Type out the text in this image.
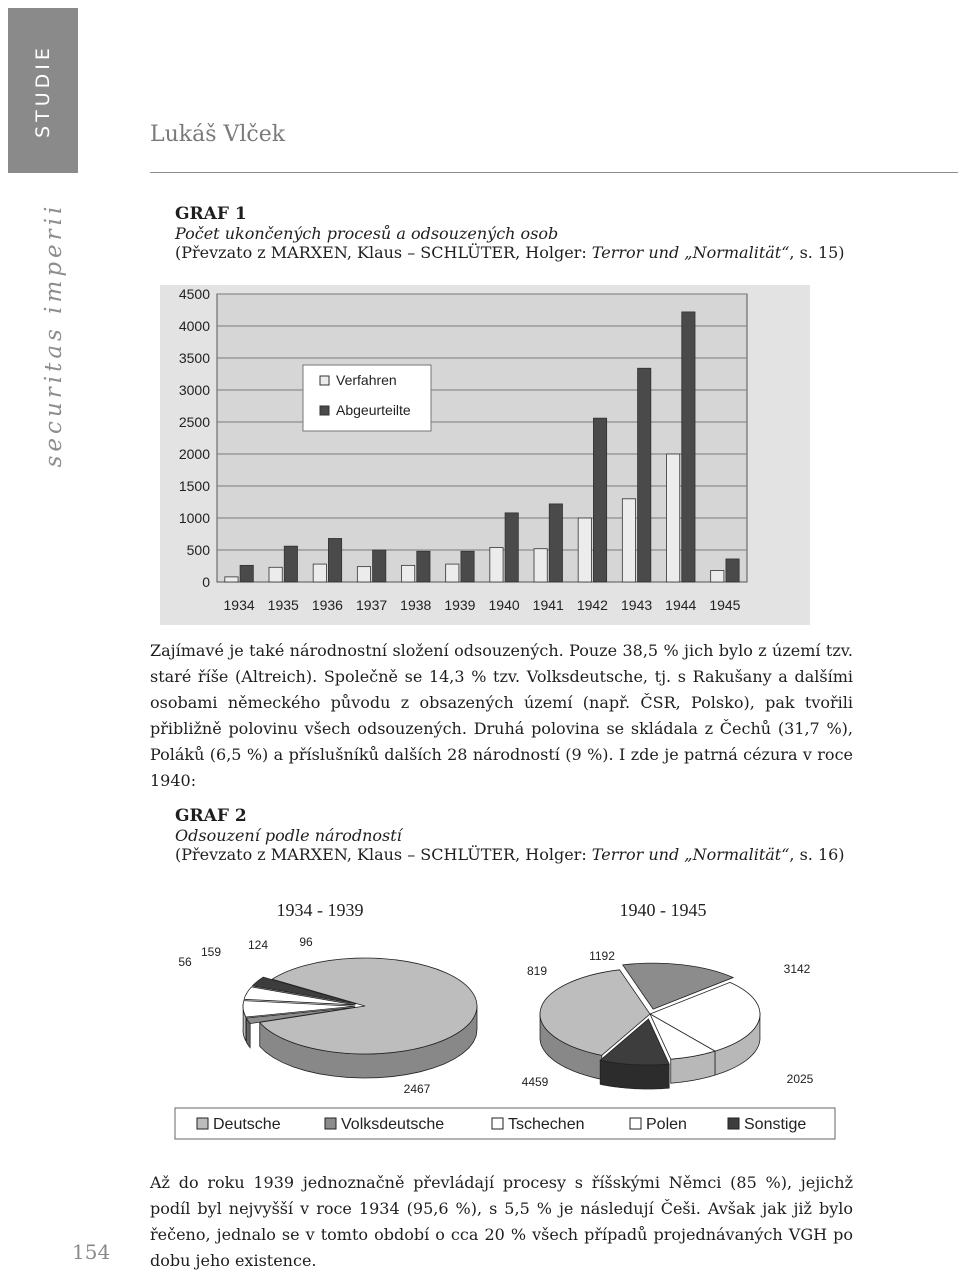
STUDIE
securitas imperii
Lukáš Vlček
GRAF 1
Počet ukončených procesů a odsouzených osob
(Převzato z MARXEN, Klaus – SCHLÜTER, Holger: Terror und „Normalität“, s. 15)
0
500
1000
1500
2000
2500
3000
3500
4000
4500
1934 1935 1936 1937 1938 1939 1940 1941 1942 1943 1944 1945
Verfahren
Abgeurteilte
Zajímavé je také národnostní složení odsouzených. Pouze 38,5 % jich bylo z území tzv. staré říše (Altreich). Společně se 14,3 % tzv. Volksdeutsche, tj. s Rakušany a dalšími osobami německého původu z obsazených území (např. ČSR, Polsko), pak tvořili přibližně polovinu všech odsouzených. Druhá polovina se skládala z Čechů (31,7 %), Poláků (6,5 %) a příslušníků dalších 28 národností (9 %). I zde je patrná cézura v roce 1940:
GRAF 2
Odsouzení podle národností
(Převzato z MARXEN, Klaus – SCHLÜTER, Holger: Terror und „Normalität“, s. 16)
1934 - 1939	1940 - 1945
2467
56
159 124	96
4459	2025
3142
819
1192
Deutsche	Volksdeutsche	Tschechen	Polen	Sonstige
Až do roku 1939 jednoznačně převládají procesy s říšskými Němci (85 %), jejichž podíl byl nejvyšší v roce 1934 (95,6 %), s 5,5 % je následují Češi. Avšak jak již bylo řečeno, jednalo se v tomto období o cca 20 % všech případů projednávaných VGH po dobu jeho existence.
154
